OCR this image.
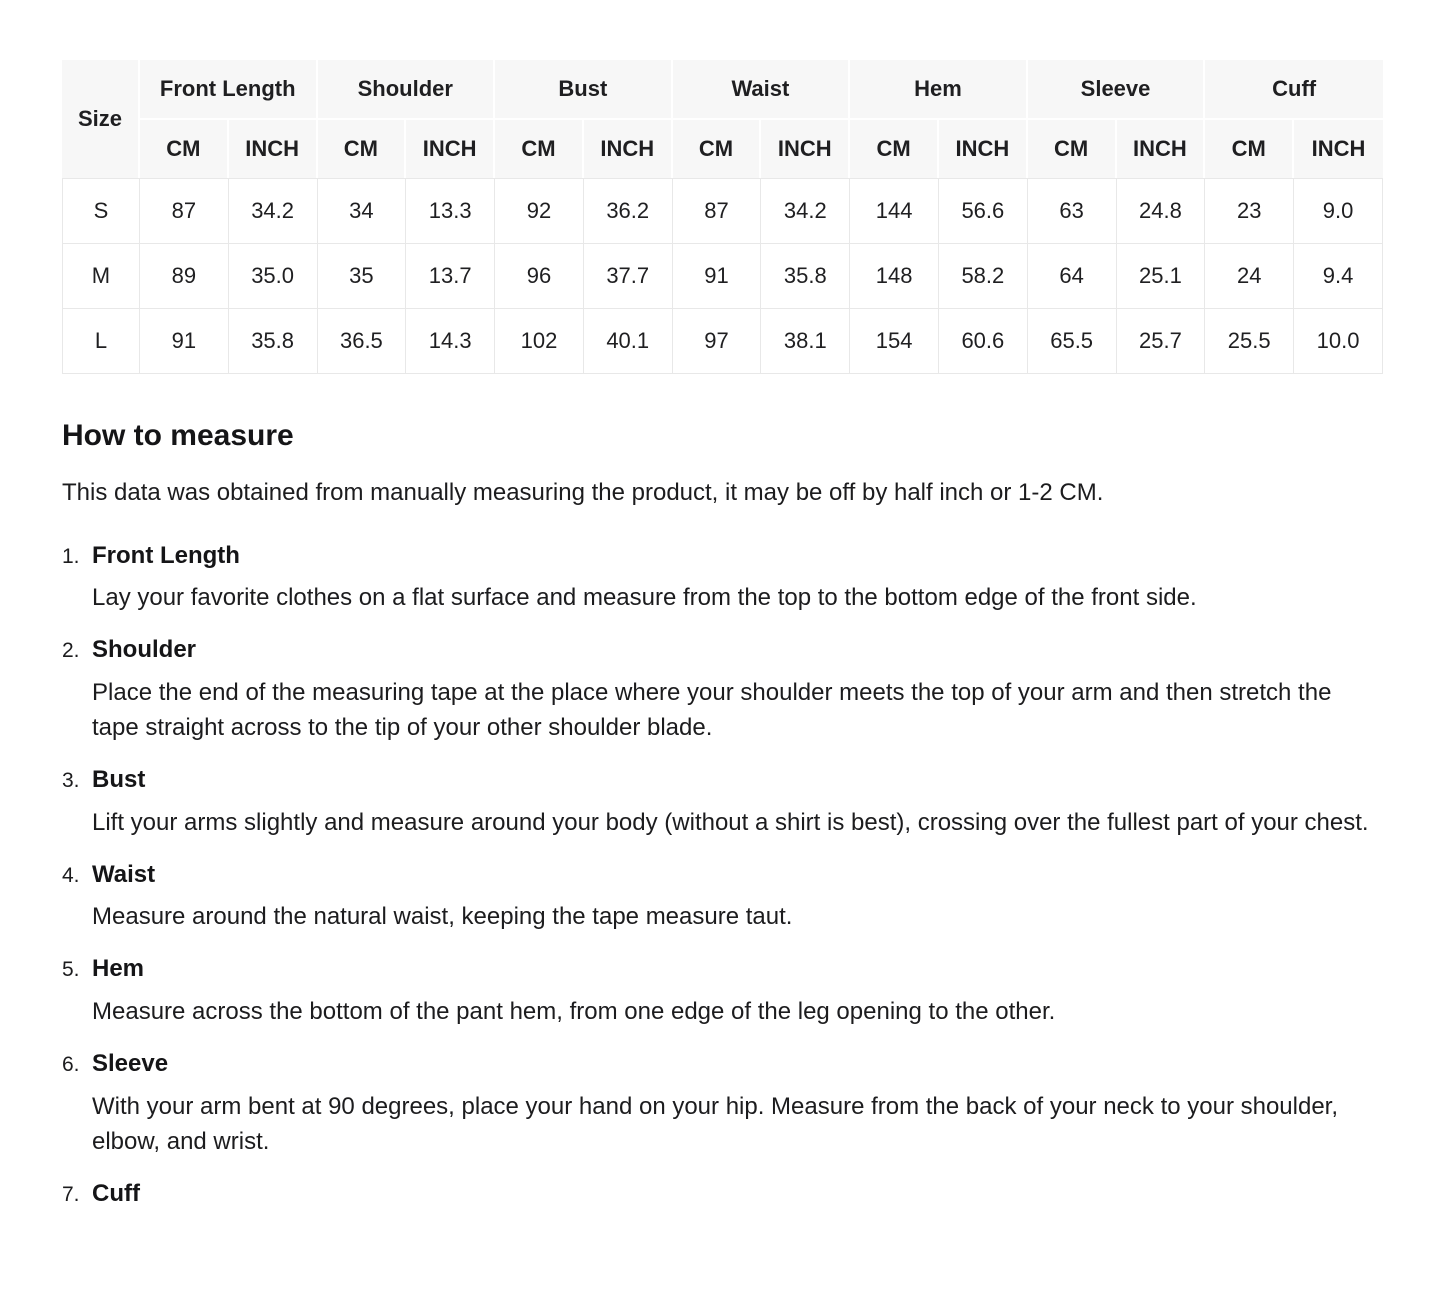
Size	Front Length		Shoulder		Bust		Waist		Hem		Sleeve		Cuff	
	CM	INCH	CM	INCH	CM	INCH	CM	INCH	CM	INCH	CM	INCH	CM	INCH
S	87	34.2	34	13.3	92	36.2	87	34.2	144	56.6	63	24.8	23	9.0
M	89	35.0	35	13.7	96	37.7	91	35.8	148	58.2	64	25.1	24	9.4
L	91	35.8	36.5	14.3	102	40.1	97	38.1	154	60.6	65.5	25.7	25.5	10.0
How to measure

This data was obtained from manually measuring the product, it may be off by half inch or 1-2 CM.

1. Front Length

Lay your favorite clothes on a flat surface and measure from the top to the bottom edge of the front side.

2. Shoulder

Place the end of the measuring tape at the place where your shoulder meets the top of your arm and then stretch the tape straight across to the tip of your other shoulder blade.

3. Bust

Lift your arms slightly and measure around your body (without a shirt is best), crossing over the fullest part of your chest.

4. Waist

Measure around the natural waist, keeping the tape measure taut.

5. Hem

Measure across the bottom of the pant hem, from one edge of the leg opening to the other.

6. Sleeve

With your arm bent at 90 degrees, place your hand on your hip. Measure from the back of your neck to your shoulder, elbow, and wrist.

7. Cuff
